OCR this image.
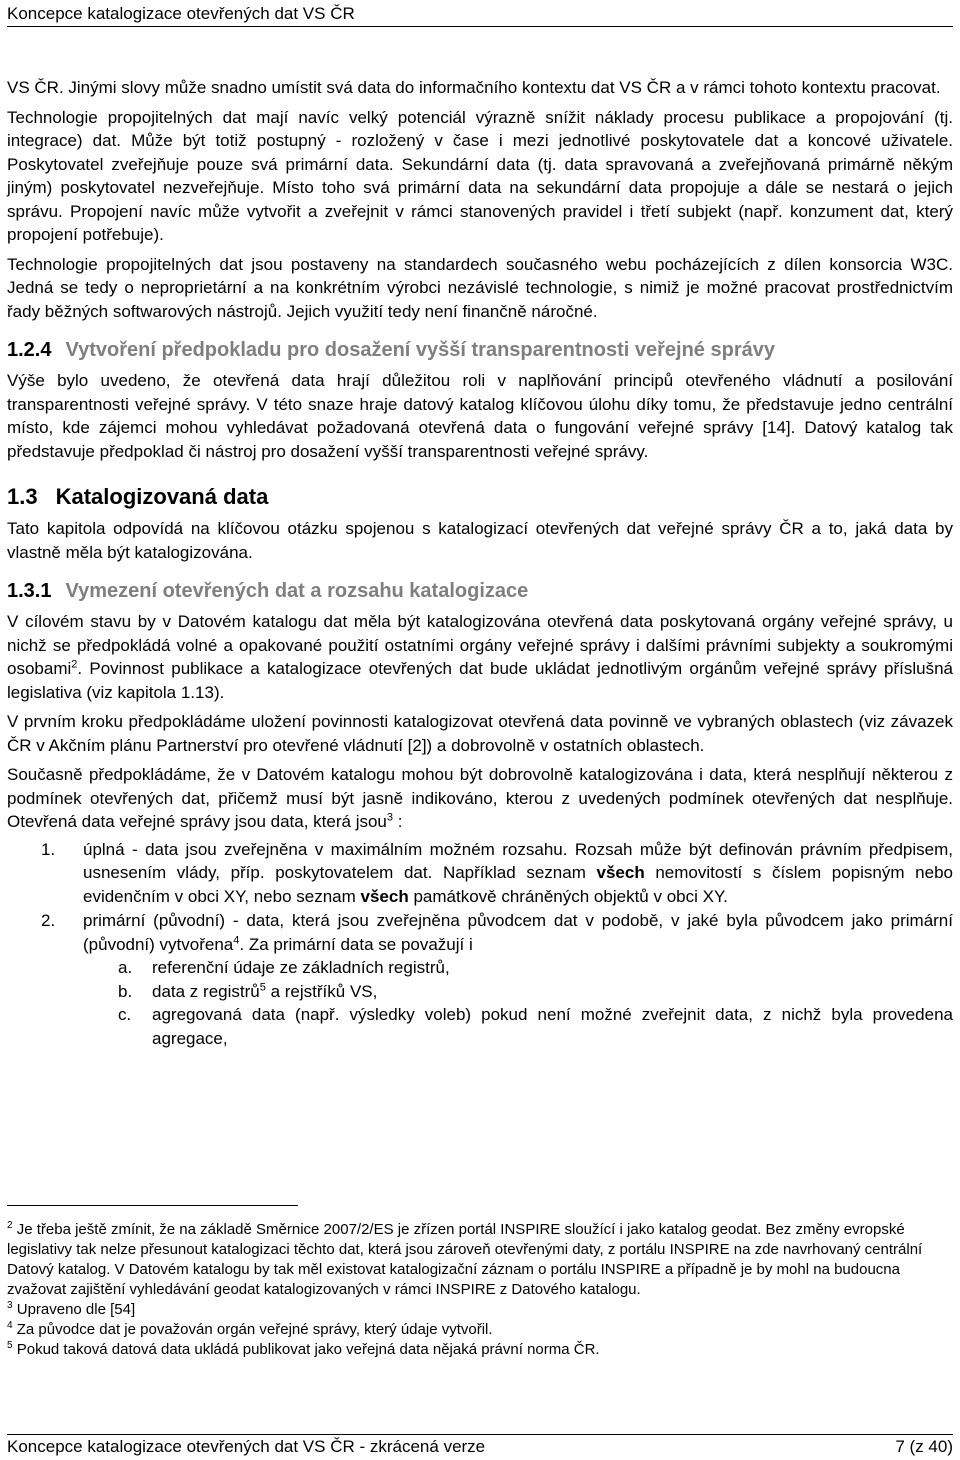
Koncepce katalogizace otevřených dat VS ČR

VS ČR. Jinými slovy může snadno umístit svá data do informačního kontextu dat VS ČR a v rámci tohoto kontextu pracovat.

Technologie propojitelných dat mají navíc velký potenciál výrazně snížit náklady procesu publikace a propojování (tj. integrace) dat. Může být totiž postupný - rozložený v čase i mezi jednotlivé poskytovatele dat a koncové uživatele. Poskytovatel zveřejňuje pouze svá primární data. Sekundární data (tj. data spravovaná a zveřejňovaná primárně někým jiným) poskytovatel nezveřejňuje. Místo toho svá primární data na sekundární data propojuje a dále se nestará o jejich správu. Propojení navíc může vytvořit a zveřejnit v rámci stanovených pravidel i třetí subjekt (např. konzument dat, který propojení potřebuje).

Technologie propojitelných dat jsou postaveny na standardech současného webu pocházejících z dílen konsorcia W3C. Jedná se tedy o neproprietární a na konkrétním výrobci nezávislé technologie, s nimiž je možné pracovat prostřednictvím řady běžných softwarových nástrojů. Jejich využití tedy není finančně náročné.

1.2.4 Vytvoření předpokladu pro dosažení vyšší transparentnosti veřejné správy

Výše bylo uvedeno, že otevřená data hrají důležitou roli v naplňování principů otevřeného vládnutí a posilování transparentnosti veřejné správy. V této snaze hraje datový katalog klíčovou úlohu díky tomu, že představuje jedno centrální místo, kde zájemci mohou vyhledávat požadovaná otevřená data o fungování veřejné správy [14]. Datový katalog tak představuje předpoklad či nástroj pro dosažení vyšší transparentnosti veřejné správy.

1.3 Katalogizovaná data

Tato kapitola odpovídá na klíčovou otázku spojenou s katalogizací otevřených dat veřejné správy ČR a to, jaká data by vlastně měla být katalogizována.

1.3.1 Vymezení otevřených dat a rozsahu katalogizace

V cílovém stavu by v Datovém katalogu dat měla být katalogizována otevřená data poskytovaná orgány veřejné správy, u nichž se předpokládá volné a opakované použití ostatními orgány veřejné správy i dalšími právními subjekty a soukromými osobami$^2$. Povinnost publikace a katalogizace otevřených dat bude ukládat jednotlivým orgánům veřejné správy příslušná legislativa (viz kapitola 1.13).

V prvním kroku předpokládáme uložení povinnosti katalogizovat otevřená data povinně ve vybraných oblastech (viz závazek ČR v Akčním plánu Partnerství pro otevřené vládnutí [2]) a dobrovolně v ostatních oblastech.

Současně předpokládáme, že v Datovém katalogu mohou být dobrovolně katalogizována i data, která nesplňují některou z podmínek otevřených dat, přičemž musí být jasně indikováno, kterou z uvedených podmínek otevřených dat nesplňuje. Otevřená data veřejné správy jsou data, která jsou$^3$ :

1. úplná - data jsou zveřejněna v maximálním možném rozsahu. Rozsah může být definován právním předpisem, usnesením vlády, příp. poskytovatelem dat. Například seznam všech nemovitostí s číslem popisným nebo evidenčním v obci XY, nebo seznam všech památkově chráněných objektů v obci XY.
2. primární (původní) - data, která jsou zveřejněna původcem dat v podobě, v jaké byla původcem jako primární (původní) vytvořena$^4$. Za primární data se považují i
a. referenční údaje ze základních registrů,
b. data z registrů$^5$ a rejstříků VS,
c. agregovaná data (např. výsledky voleb) pokud není možné zveřejnit data, z nichž byla provedena agregace,
$^2$ Je třeba ještě zmínit, že na základě Směrnice 2007/2/ES je zřízen portál INSPIRE sloužící i jako katalog geodat. Bez změny evropské legislativy tak nelze přesunout katalogizaci těchto dat, která jsou zároveň otevřenými daty, z portálu INSPIRE na zde navrhovaný centrální Datový katalog. V Datovém katalogu by tak měl existovat katalogizační záznam o portálu INSPIRE a případně je by mohl na budoucna zvažovat zajištění vyhledávání geodat katalogizovaných v rámci INSPIRE z Datového katalogu.
$^3$ Upraveno dle [54]
$^4$ Za původce dat je považován orgán veřejné správy, který údaje vytvořil.
$^5$ Pokud taková datová data ukládá publikovat jako veřejná data nějaká právní norma ČR.
Koncepce katalogizace otevřených dat VS ČR - zkrácená verze	7 (z 40)
